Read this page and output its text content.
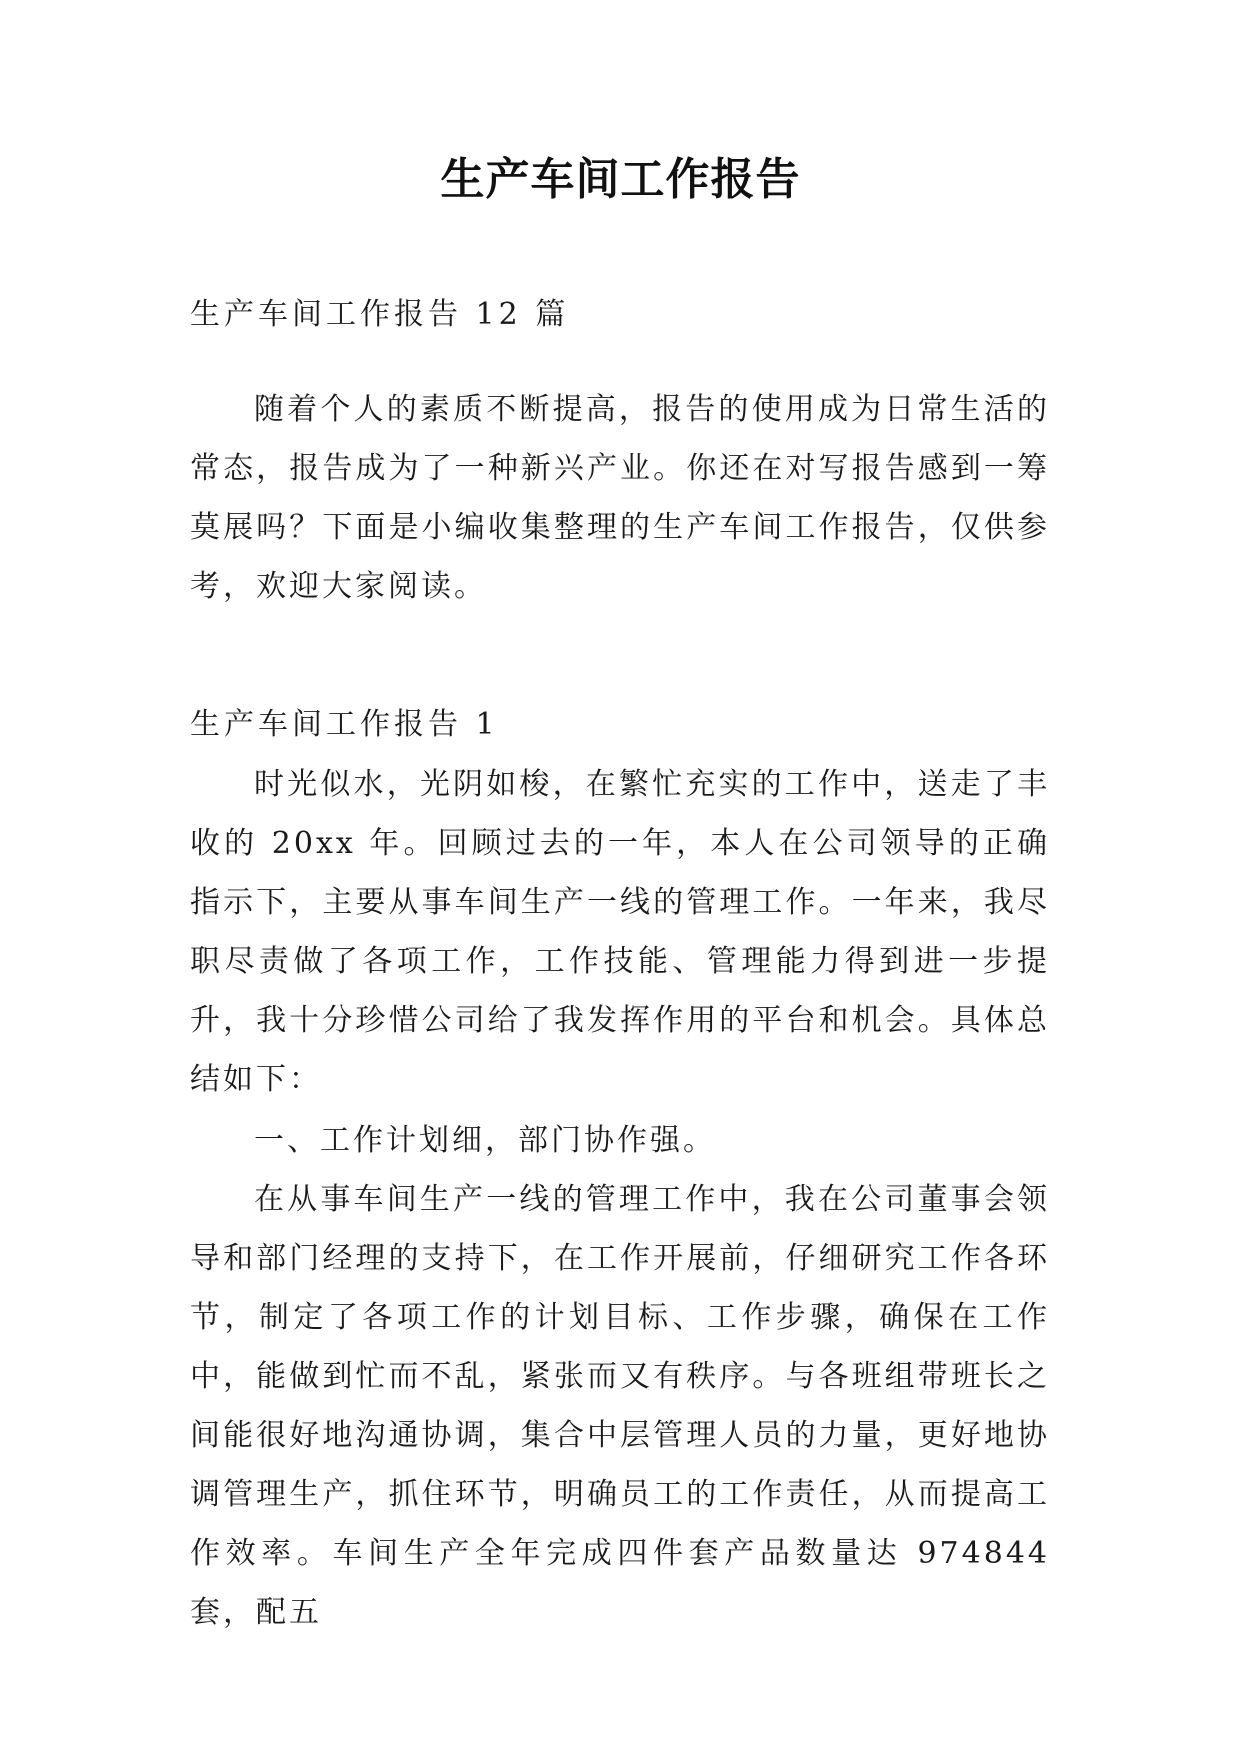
生产车间工作报告
生产车间工作报告 12 篇

随着个人的素质不断提高，报告的使用成为日常生活的常态，报告成为了一种新兴产业。你还在对写报告感到一筹莫展吗？下面是小编收集整理的生产车间工作报告，仅供参考，欢迎大家阅读。

生产车间工作报告 1

时光似水，光阴如梭，在繁忙充实的工作中，送走了丰收的 20xx 年。回顾过去的一年，本人在公司领导的正确指示下，主要从事车间生产一线的管理工作。一年来，我尽职尽责做了各项工作，工作技能、管理能力得到进一步提升，我十分珍惜公司给了我发挥作用的平台和机会。具体总结如下：

一、工作计划细，部门协作强。

在从事车间生产一线的管理工作中，我在公司董事会领导和部门经理的支持下，在工作开展前，仔细研究工作各环节，制定了各项工作的计划目标、工作步骤，确保在工作中，能做到忙而不乱，紧张而又有秩序。与各班组带班长之间能很好地沟通协调，集合中层管理人员的力量，更好地协调管理生产，抓住环节，明确员工的工作责任，从而提高工作效率。车间生产全年完成四件套产品数量达 974844 套，配五
